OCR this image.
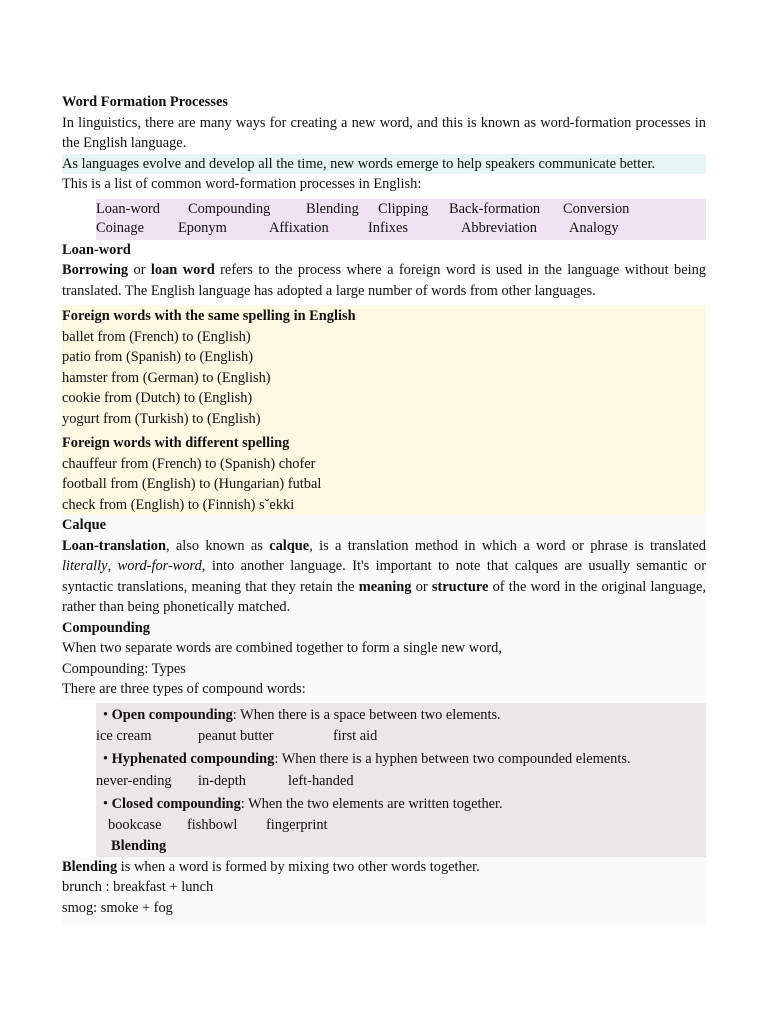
Word Formation Processes

In linguistics, there are many ways for creating a new word, and this is known as word-formation processes in the English language.

As languages evolve and develop all the time, new words emerge to help speakers communicate better.

This is a list of common word-formation processes in English:

Loan-word	Compounding	Blending	Clipping	Back-formation	Conversion
Coinage	Eponym	Affixation	Infixes	Abbreviation	Analogy

Loan-word

Borrowing or loan word refers to the process where a foreign word is used in the language without being translated. The English language has adopted a large number of words from other languages.

Foreign words with the same spelling in English

ballet from (French) to (English)

patio from (Spanish) to (English)

hamster from (German) to (English)

cookie from (Dutch) to (English)

yogurt from (Turkish) to (English)

Foreign words with different spelling

chauffeur from (French) to (Spanish) chofer

football from (English) to (Hungarian) futbal

check from (English) to (Finnish) sˇekki

Calque

Loan-translation, also known as calque, is a translation method in which a word or phrase is translated literally, word-for-word, into another language. It's important to note that calques are usually semantic or syntactic translations, meaning that they retain the meaning or structure of the word in the original language, rather than being phonetically matched.

Compounding

When two separate words are combined together to form a single new word,

Compounding: Types

There are three types of compound words:

• Open compounding: When there is a space between two elements.
ice cream	peanut butter	first aid
• Hyphenated compounding: When there is a hyphen between two compounded elements.
never-ending	in-depth	left-handed
• Closed compounding: When the two elements are written together.
bookcase	fishbowl	fingerprint

Blending

Blending is when a word is formed by mixing two other words together.

brunch : breakfast + lunch

smog: smoke + fog
